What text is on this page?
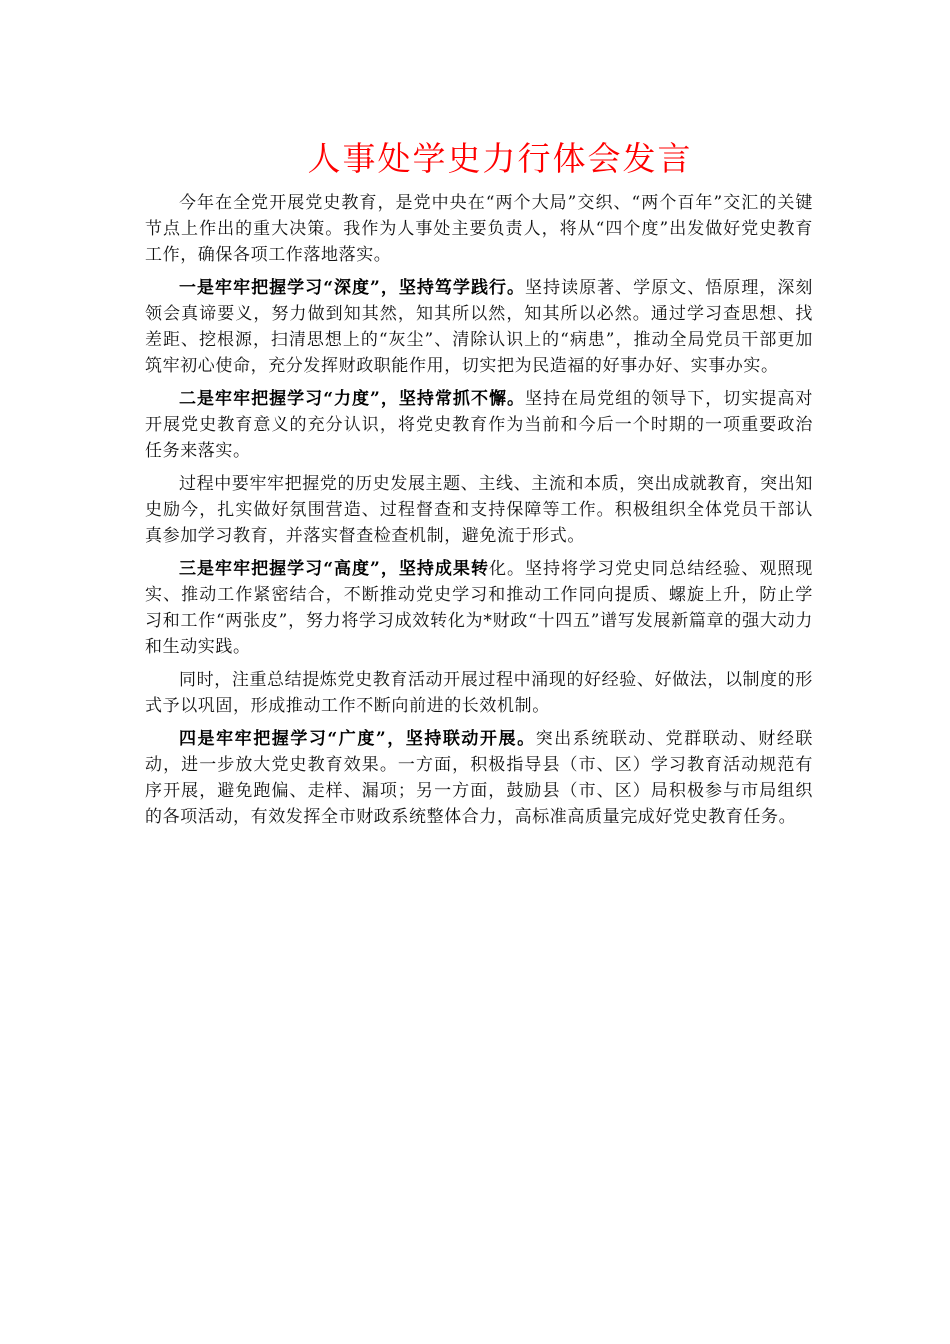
人事处学史力行体会发言

今年在全党开展党史教育，是党中央在“两个大局”交织、“两个百年”交汇的关键节点上作出的重大决策。我作为人事处主要负责人，将从“四个度”出发做好党史教育工作，确保各项工作落地落实。

一是牢牢把握学习“深度”，坚持笃学践行。坚持读原著、学原文、悟原理，深刻领会真谛要义，努力做到知其然，知其所以然，知其所以必然。通过学习查思想、找差距、挖根源，扫清思想上的“灰尘”、清除认识上的“病患”，推动全局党员干部更加筑牢初心使命，充分发挥财政职能作用，切实把为民造福的好事办好、实事办实。

二是牢牢把握学习“力度”，坚持常抓不懈。坚持在局党组的领导下，切实提高对开展党史教育意义的充分认识，将党史教育作为当前和今后一个时期的一项重要政治任务来落实。

过程中要牢牢把握党的历史发展主题、主线、主流和本质，突出成就教育，突出知史励今，扎实做好氛围营造、过程督查和支持保障等工作。积极组织全体党员干部认真参加学习教育，并落实督查检查机制，避免流于形式。

三是牢牢把握学习“高度”，坚持成果转化。坚持将学习党史同总结经验、观照现实、推动工作紧密结合，不断推动党史学习和推动工作同向提质、螺旋上升，防止学习和工作“两张皮”，努力将学习成效转化为*财政“十四五”谱写发展新篇章的强大动力和生动实践。

同时，注重总结提炼党史教育活动开展过程中涌现的好经验、好做法，以制度的形式予以巩固，形成推动工作不断向前进的长效机制。

四是牢牢把握学习“广度”，坚持联动开展。突出系统联动、党群联动、财经联动，进一步放大党史教育效果。一方面，积极指导县（市、区）学习教育活动规范有序开展，避免跑偏、走样、漏项；另一方面，鼓励县（市、区）局积极参与市局组织的各项活动，有效发挥全市财政系统整体合力，高标准高质量完成好党史教育任务。
